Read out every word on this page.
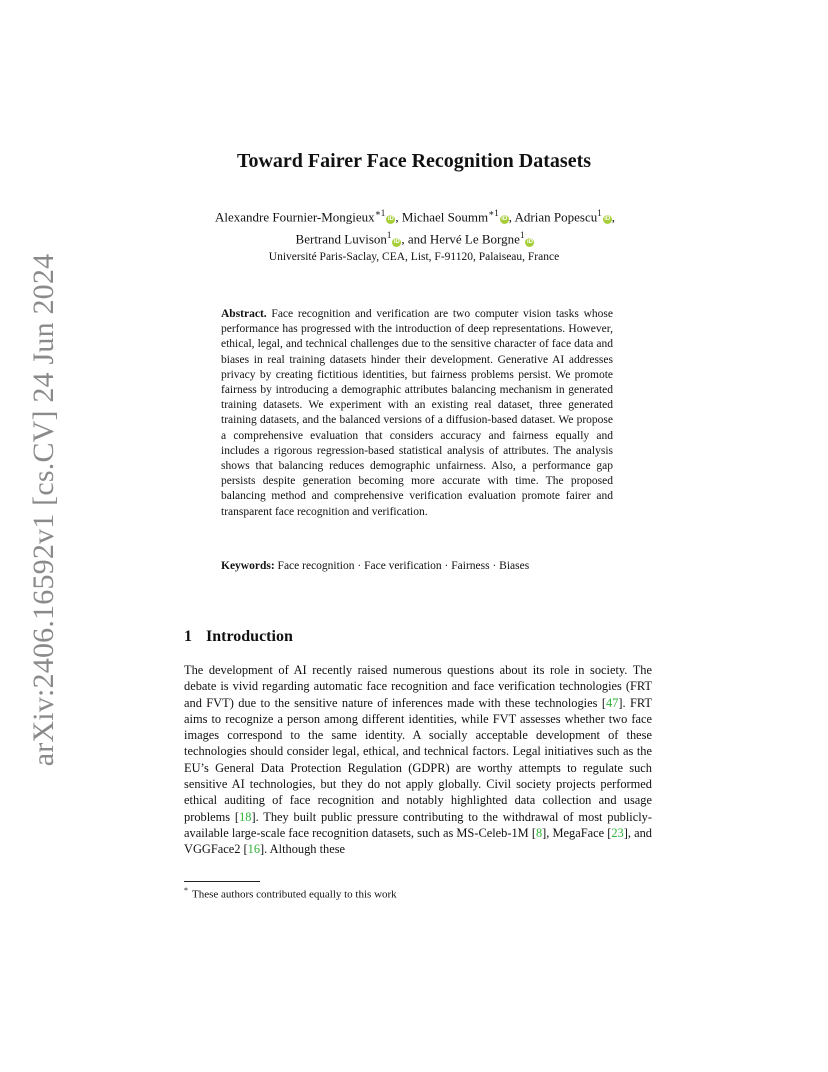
arXiv:2406.16592v1 [cs.CV] 24 Jun 2024
Toward Fairer Face Recognition Datasets
Alexandre Fournier-Mongieux$^{∗1}$iD , Michael Soumm$^{∗1}$iD , Adrian Popescu$^1$iD ,
Bertrand Luvison$^1$iD , and Hervé Le Borgne$^1$iD
Université Paris-Saclay, CEA, List, F-91120, Palaiseau, France
Abstract. Face recognition and verification are two computer vision tasks whose performance has progressed with the introduction of deep representations. However, ethical, legal, and technical challenges due to the sensitive character of face data and biases in real training datasets hinder their development. Generative AI addresses privacy by creating fictitious identities, but fairness problems persist. We promote fairness by introducing a demographic attributes balancing mechanism in generated training datasets. We experiment with an existing real dataset, three generated training datasets, and the balanced versions of a diffusion-based dataset. We propose a comprehensive evaluation that considers accuracy and fairness equally and includes a rigorous regression-based statistical analysis of attributes. The analysis shows that balancing reduces demographic unfairness. Also, a performance gap persists despite generation becoming more accurate with time. The proposed balancing method and comprehensive verification evaluation promote fairer and transparent face recognition and verification.
Keywords: Face recognition · Face verification · Fairness · Biases
1 Introduction
The development of AI recently raised numerous questions about its role in society. The debate is vivid regarding automatic face recognition and face verification technologies (FRT and FVT) due to the sensitive nature of inferences made with these technologies [47]. FRT aims to recognize a person among different identities, while FVT assesses whether two face images correspond to the same identity. A socially acceptable development of these technologies should consider legal, ethical, and technical factors. Legal initiatives such as the EU’s General Data Protection Regulation (GDPR) are worthy attempts to regulate such sensitive AI technologies, but they do not apply globally. Civil society projects performed ethical auditing of face recognition and notably highlighted data collection and usage problems [18]. They built public pressure contributing to the withdrawal of most publicly-available large-scale face recognition datasets, such as MS-Celeb-1M [8], MegaFace [23], and VGGFace2 [16]. Although these
* These authors contributed equally to this work
